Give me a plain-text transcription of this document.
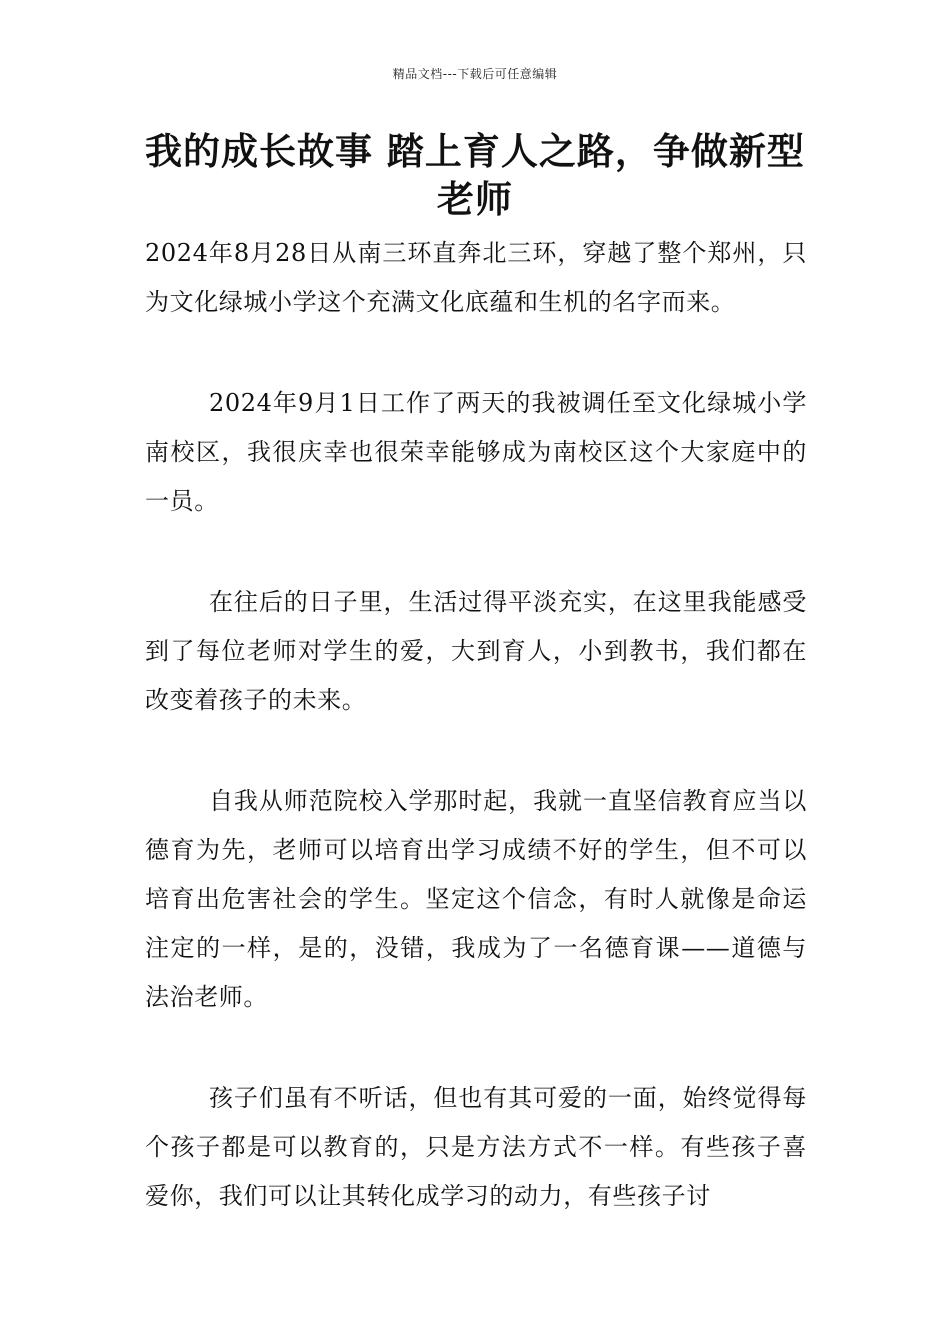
精品文档---下载后可任意编辑
我的成长故事 踏上育人之路，争做新型老师

2024年8月28日从南三环直奔北三环，穿越了整个郑州，只为文化绿城小学这个充满文化底蕴和生机的名字而来。

2024年9月1日工作了两天的我被调任至文化绿城小学南校区，我很庆幸也很荣幸能够成为南校区这个大家庭中的一员。

在往后的日子里，生活过得平淡充实，在这里我能感受到了每位老师对学生的爱，大到育人，小到教书，我们都在改变着孩子的未来。

自我从师范院校入学那时起，我就一直坚信教育应当以德育为先，老师可以培育出学习成绩不好的学生，但不可以培育出危害社会的学生。坚定这个信念，有时人就像是命运注定的一样，是的，没错，我成为了一名德育课——道德与法治老师。

孩子们虽有不听话，但也有其可爱的一面，始终觉得每个孩子都是可以教育的，只是方法方式不一样。有些孩子喜爱你，我们可以让其转化成学习的动力，有些孩子讨
